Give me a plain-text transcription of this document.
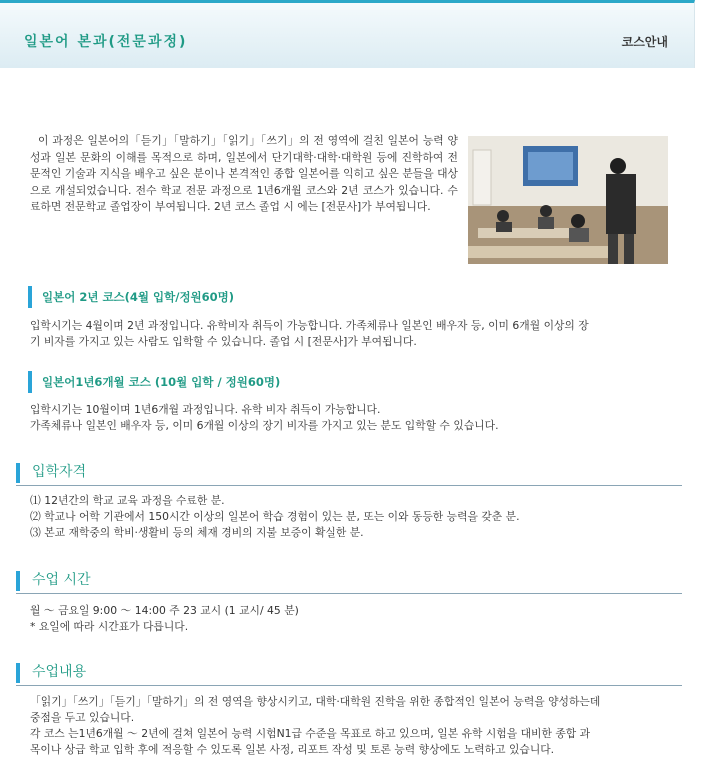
일본어 본과(전문과정)	코스안내
이 과정은 일본어의「듣기」「말하기」「읽기」「쓰기」의 전 영역에 걸친 일본어 능력 양성과 일본 문화의 이해를 목적으로 하며, 일본에서 단기대학·대학·대학원 등에 진학하여 전문적인 기술과 지식을 배우고 싶은 분이나 본격적인 종합 일본어를 익히고 싶은 분들을 대상으로 개설되었습니다. 전수 학교 전문 과정으로 1년6개월 코스와 2년 코스가 있습니다. 수료하면 전문학교 졸업장이 부여됩니다. 2년 코스 졸업 시 에는 [전문사]가 부여됩니다.
일본어 2년 코스(4월 입학/정원60명)
입학시기는 4월이며 2년 과정입니다. 유학비자 취득이 가능합니다. 가족체류나 일본인 배우자 등, 이미 6개월 이상의 장
기 비자를 가지고 있는 사람도 입학할 수 있습니다. 졸업 시 [전문사]가 부여됩니다.
일본어1년6개월 코스 (10월 입학 / 정원60명)
입학시기는 10월이며 1년6개월 과정입니다. 유학 비자 취득이 가능합니다.
가족체류나 일본인 배우자 등, 이미 6개월 이상의 장기 비자를 가지고 있는 분도 입학할 수 있습니다.
입학자격
⑴ 12년간의 학교 교육 과정을 수료한 분.
⑵ 학교나 어학 기관에서 150시간 이상의 일본어 학습 경험이 있는 분, 또는 이와 동등한 능력을 갖춘 분.
⑶ 본교 재학중의 학비·생활비 등의 체재 경비의 지불 보증이 확실한 분.
수업 시간
월 〜 금요일 9:00 〜 14:00 주 23 교시 (1 교시/ 45 분)
* 요일에 따라 시간표가 다릅니다.
수업내용
「읽기」「쓰기」「듣기」「말하기」의 전 영역을 향상시키고, 대학·대학원 진학을 위한 종합적인 일본어 능력을 양성하는데
중점을 두고 있습니다.
각 코스 는1년6개월 〜 2년에 걸쳐 일본어 능력 시험N1급 수준을 목표로 하고 있으며, 일본 유학 시험을 대비한 종합 과
목이나 상급 학교 입학 후에 적응할 수 있도록 일본 사정, 리포트 작성 및 토론 능력 향상에도 노력하고 있습니다.
